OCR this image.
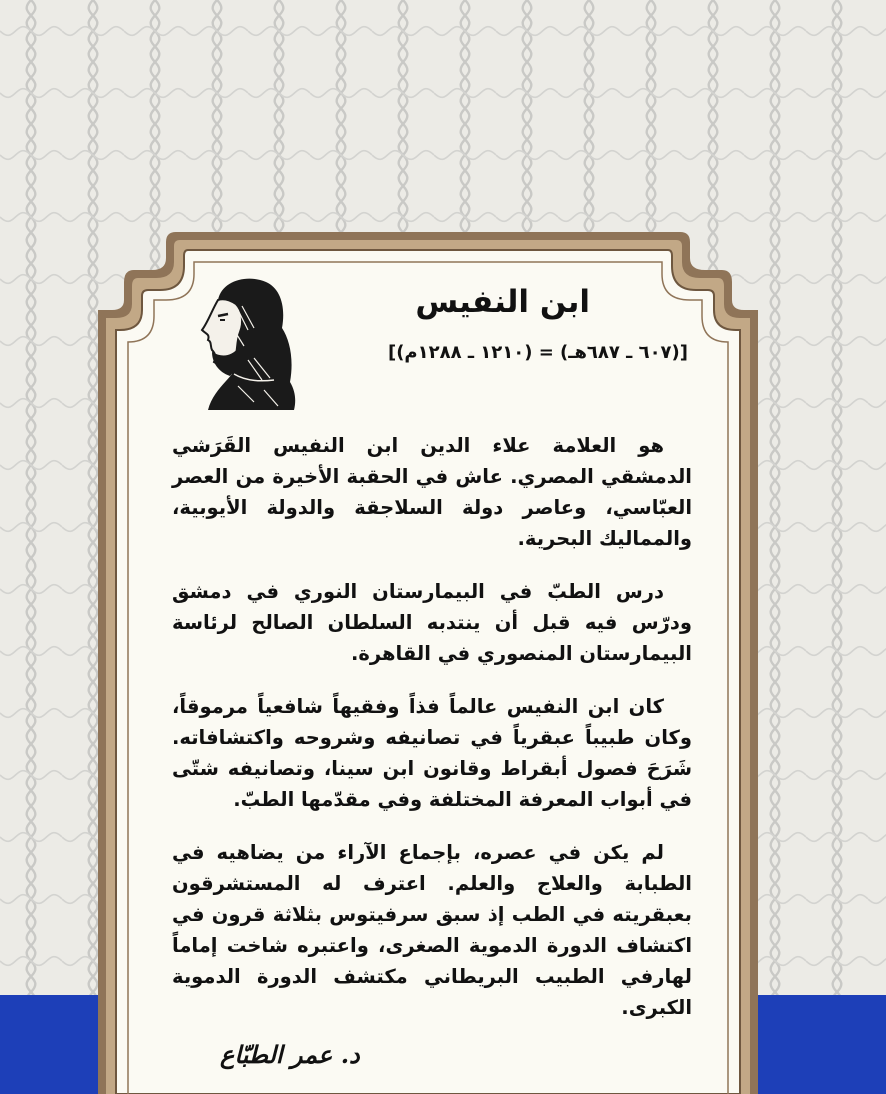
ابن النفيس
[(٦٠٧ ـ ٦٨٧هـ) = (١٢١٠ ـ ١٢٨٨م)]

هو العلامة علاء الدين ابن النفيس القَرَشي الدمشقي المصري. عاش في الحقبة الأخيرة من العصر العبّاسي، وعاصر دولة السلاجقة والدولة الأيوبية، والمماليك البحرية.

درس الطبّ في البيمارستان النوري في دمشق ودرّس فيه قبل أن ينتدبه السلطان الصالح لرئاسة البيمارستان المنصوري في القاهرة.

كان ابن النفيس عالماً فذاً وفقيهاً شافعياً مرموقاً، وكان طبيباً عبقرياً في تصانيفه وشروحه واكتشافاته. شَرَحَ فصول أبقراط وقانون ابن سينا، وتصانيفه شتّى في أبواب المعرفة المختلفة وفي مقدّمها الطبّ.

لم يكن في عصره، بإجماع الآراء من يضاهيه في الطبابة والعلاج والعلم. اعترف له المستشرقون بعبقريته في الطب إذ سبق سرفيتوس بثلاثة قرون في اكتشاف الدورة الدموية الصغرى، واعتبره شاخت إماماً لهارفي الطبيب البريطاني مكتشف الدورة الدموية الكبرى.

د. عمر الطبّاع
